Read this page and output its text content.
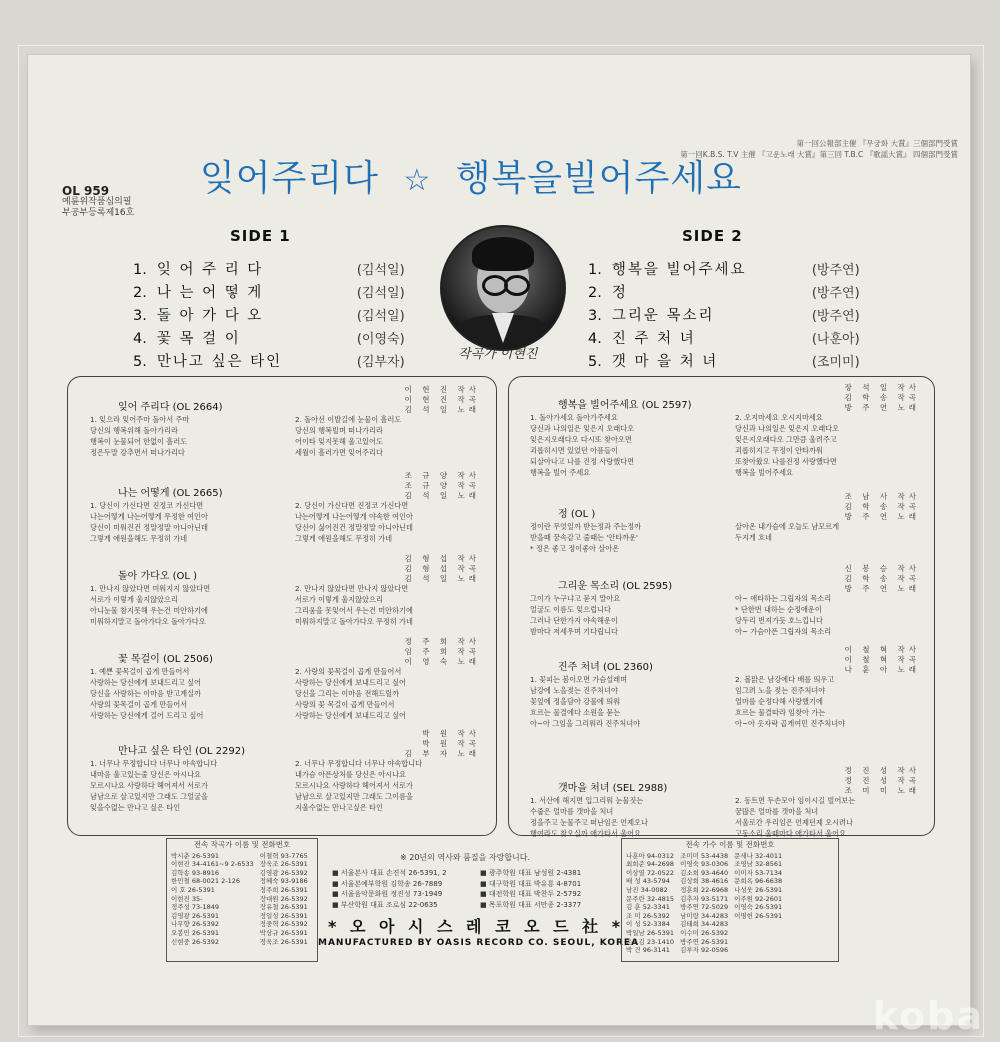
第一回公報部主催 『무궁화 大賞』三個部門受賞
第一回K.B.S. T.V 主催 『고운노래 大賞』第三回 T.B.C 『歌謡大賞』 四個部門受賞
OL 959
예륜위작품심의필
부공부등록제16호
잊어주리다 ☆ 행복을빌어주세요
SIDE 1	SIDE 2
1. 잊 어 주 리 다	(김석일)
2. 나 는 어 떻 게	(김석일)
3. 돌 아 가 다 오	(김석일)
4. 꽃 목 걸 이	(이영숙)
5. 만나고 싶은 타인	(김부자)
1. 행복을 빌어주세요	(방주연)
2. 정	(방주연)
3. 그리운 목소리	(방주연)
4. 진 주 처 녀	(나훈아)
5. 갯 마 을 처 녀	(조미미)
작곡가 이현진
잊어 주리다 (OL 2664)
이 현 진 작사
이 현 진 작곡
김 석 일 노래
1. 잊으라 잊어주마 돌아서 주마
당신의 행복위해 돌아가리라
행복이 눈물되어 한없이 흘러도
정은두말 강추면서 떠나가리다
2. 돌아선 이발길에 눈물이 흘러도
당신의 행복빌며 떠나가리라
어이타 잊지못해 울고있어도
세월이 흘러가면 잊어주리다
나는 어떻게 (OL 2665)
조 규 양 작사
조 규 양 작곡
김 석 일 노래
1. 당신이 가신다면 진정코 가신다면
나는어떻게 나는어떻게 무정한 여인아
당신이 미워진건 정말정말 아니아닌데
그렇게 애원을해도 무정히 가네
2. 당신이 가신다면 진정코 가신다면
나는어떻게 나는어떻게 야속한 여인아
당신이 싫어진건 정말정말 아니아닌데
그렇게 애원을해도 무정히 가네
돌아 가다오 (OL )
김 형 섭 작사
김 형 섭 작곡
김 석 일 노래
1. 만나지 않았다면 미워지지 않았다면
서로가 이렇게 울지않았으리
아니눈물 참지못해 우는건 미안하기에
미워하지말고 돌아가다오 돌아가다오
2. 만나지 않았다면 만나지 않았다면
서로가 이렇게 울지않았으리
그리움을 못잊어서 우는건 미안하기에
미워하지말고 돌아가다오 무정히 가네
꽃 목걸이 (OL 2506)
정 주 희 작사
임 주 희 작곡
이 영 숙 노래
1. 예쁜 꽃목걸이 곱게 만들어서
사랑하는 당신에게 보내드리고 싶어
당신을 사랑하는 이마음 받고계실까
사랑의 꽃목걸이 곱게 만들어서
사랑하는 당신에게 걸어 드리고 싶어
2. 사랑의 꽃목걸이 곱게 만들어서
사랑하는 당신에게 보내드리고 싶어
당신을 그리는 이마음 전해드릴까
사랑의 꽃 목걸이 곱게 만들어서
사랑하는 당신에게 보내드리고 싶어
만나고 싶은 타인 (OL 2292)
박 원 작사
박 원 작곡
김 부 자 노래
1. 너무나 무정합니다 너무나 야속합니다
내마음 울고있는줄 당신은 아시나요
모르시나요 사랑하다 헤어져서 서로가
남남으로 살고있지만 그래도 그얼굴을
잊을수없는 만나고 싶은 타인
2. 너무나 무정합니다 너무나 야속합니다
내가슴 아픈상처를 당신은 아시나요
모르시나요 사랑하다 헤어져서 서로가
남남으로 살고있지만 그래도 그이름을
지울수없는 만나고싶은 타인
행복을 빌어주세요 (OL 2597)
장 석 일 작사
김 학 송 작곡
방 주 연 노래
1. 돌아가세요 돌아가주세요
당신과 나의일은 잊은지 오래다오
잊은지오래다오 다시또 찾아오면
괴롭히시면 있었던 아픔들이
되살아나고 나를 진정 사랑했다면
행복을 빌어 주세요
2. 오지마세요 오시지마세요
당신과 나의일은 잊은지 오래다오
잊은지오래다오 그만큼 울려주고
괴롭히지고 무정이 안타까워
또찾아왔오 나를진정 사랑했다면
행복을 빌어주세요
정 (OL )
조 남 사 작사
김 학 송 작곡
방 주 연 노래
정이란 무엇일까 받는정과 주는정까
받을때 꿈속같고 줄때는 '안타까운'
* 정은 좋고 정이좋아 살아온
살아온 내가슴에 오늘도 남모르게
두지게 흐네
그리운 목소리 (OL 2595)
신 봉 승 작사
김 학 송 작곡
방 주 연 노래
그이가 누구냐고 묻지 말아요
얼굴도 이름도 잊으럽니다
그러나 단한가지 야속해운이
밤마다 저세우며 기다립니다
아~ 애타하는 그립자의 목소리
* 단한번 내하는 순정애운이
당두리 번져가듯 호느낍니다
아~ 가슴아픈 그립자의 목소리
진주 처녀 (OL 2360)
이 철 혁 작사
이 철 혁 작곡
나 훈 아 노래
1. 꽃피는 봄이오면 가슴설레며
남강에 노을젖는 진주처녀야
꽃잎에 정을담아 강물에 띄워
흐르는 물결에다 소원을 묻는
아~아 그임을 그리워라 진주처녀야
2. 볼맑은 남강에다 배를 띄우고
임그려 노을 젖는 진주처녀야
얼마를 순정다해 사랑했기에
흐르는 물결따라 임찾아 가는
아~아 옷자락 곱게여민 진주처녀야
갯마을 처녀 (SEL 2988)
정 진 성 작사
정 진 성 작곡
조 미 미 노래
1. 서산에 해지면 입그리워 눈물짓는
수줍은 얼마를 갯마을 처녀
정을주고 눈물주고 떠난임은 언제오나
행여라도 찾오실까 애가타서 울어요
2. 동트면 두손모아 임이시길 빌어보는
꿈많은 얼마를 갯마을 처녀
서울로간 우리임은 언제던제 오시려나
고동소리 울때마다 애가타서 울어요
전속 작곡가 이름 및 전화번호
박시춘 26-5391
이현진 34-4161~9 2-6533
김학송 93-8916
한민철 68-0021 2-126
이 호 26-5391
이현진 35-
정주성 73-1849
김영광 26-5391
나무향 26-5392
오봉민 26-5391
신현중 26-5392
이철혁 93-7765
장욱조 26-5391
김영광 26-5392
정혜숙 93-9186
정주희 26-5391
장대원 26-5392
장유철 26-5391
정일성 26-5391
정중혁 26-5392
박상규 26-5391
정욱조 26-5391
※ 20년의 역사와 품질을 자랑합니다.
■ 서울본사 대표 손진석 26-5391, 2
■ 서울본예부학원 김학송 26-7889
■ 서울음악문화원 정진성 73-1949
■ 부산학원 대표 조로심 22-0635
■ 광주학원 대표 남성원 2-4381
■ 대구학원 대표 박유룡 4-8701
■ 대전학원 대표 박찬두 2-5792
■ 목포학원 대표 서만종 2-3377
* 오 아 시 스 레 코 오 드 社 *
MANUFACTURED BY OASIS RECORD CO. SEOUL, KOREA
전속 가수 이름 및 전화번호
나훈아 94-0312
최희준 94-2698
이상열 72-0522
배 성 43-5794
남진 34-0082
문주란 32-4815
김 훈 52-3341
조 미 26-5392
이 성 52-3384
박일남 26-5391
은드김 23-1410
박 건 96-3141
조미미 53-4438
이영숙 93-0306
김소희 93-4640
김상희 38-4616
정훈희 22-6968
김추자 93-5171
방주연 72-5029
남미랑 34-4283
김태희 34-4283
이수미 26-5392
방주연 26-5391
김부자 92-0596
문세나 32-4011
조영남 32-8561
이미자 53-7134
문희옥 96-6638
나성웃 26-5391
이주원 92-2601
이영숙 26-5391
이명헌 26-5391
koba
